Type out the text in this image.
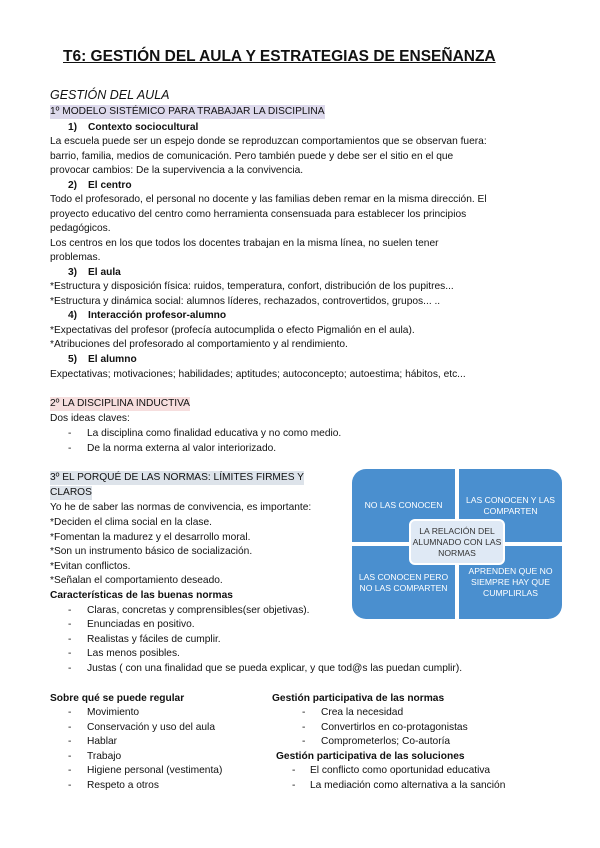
T6: GESTIÓN DEL AULA Y ESTRATEGIAS DE ENSEÑANZA
GESTIÓN DEL AULA
1º MODELO SISTÉMICO PARA TRABAJAR LA DISCIPLINA
1) Contexto sociocultural
La escuela puede ser un espejo donde se reproduzcan comportamientos que se observan fuera:
barrio, familia, medios de comunicación. Pero también puede y debe ser el sitio en el que
provocar cambios: De la supervivencia a la convivencia.
2) El centro
Todo el profesorado, el personal no docente y las familias deben remar en la misma dirección. El
proyecto educativo del centro como herramienta consensuada para establecer los principios
pedagógicos.
Los centros en los que todos los docentes trabajan en la misma línea, no suelen tener
problemas.
3) El aula
*Estructura y disposición física: ruidos, temperatura, confort, distribución de los pupitres...
*Estructura y dinámica social: alumnos líderes, rechazados, controvertidos, grupos... ..
4) Interacción profesor-alumno
*Expectativas del profesor (profecía autocumplida o efecto Pigmalión en el aula).
*Atribuciones del profesorado al comportamiento y al rendimiento.
5) El alumno
Expectativas; motivaciones; habilidades; aptitudes; autoconcepto; autoestima; hábitos, etc...
2º LA DISCIPLINA INDUCTIVA
Dos ideas claves:
- La disciplina como finalidad educativa y no como medio.
- De la norma externa al valor interiorizado.
3º EL PORQUÉ DE LAS NORMAS: LÍMITES FIRMES Y
CLAROS
Yo he de saber las normas de convivencia, es importante:
*Deciden el clima social en la clase.
*Fomentan la madurez y el desarrollo moral.
*Son un instrumento básico de socialización.
*Evitan conflictos.
*Señalan el comportamiento deseado.
Características de las buenas normas
- Claras, concretas y comprensibles(ser objetivas).
- Enunciadas en positivo.
- Realistas y fáciles de cumplir.
- Las menos posibles.
- Justas ( con una finalidad que se pueda explicar, y que tod@s las puedan cumplir).
NO LAS CONOCEN
LAS CONOCEN Y LAS COMPARTEN
LAS CONOCEN PERO NO LAS COMPARTEN
APRENDEN QUE NO SIEMPRE HAY QUE CUMPLIRLAS
LA RELACIÓN DEL ALUMNADO CON LAS NORMAS
Sobre qué se puede regular
- Movimiento
- Conservación y uso del aula
- Hablar
- Trabajo
- Higiene personal (vestimenta)
- Respeto a otros
Gestión participativa de las normas
- Crea la necesidad
- Convertirlos en co-protagonistas
- Comprometerlos; Co-autoría
Gestión participativa de las soluciones
- El conflicto como oportunidad educativa
- La mediación como alternativa a la sanción
